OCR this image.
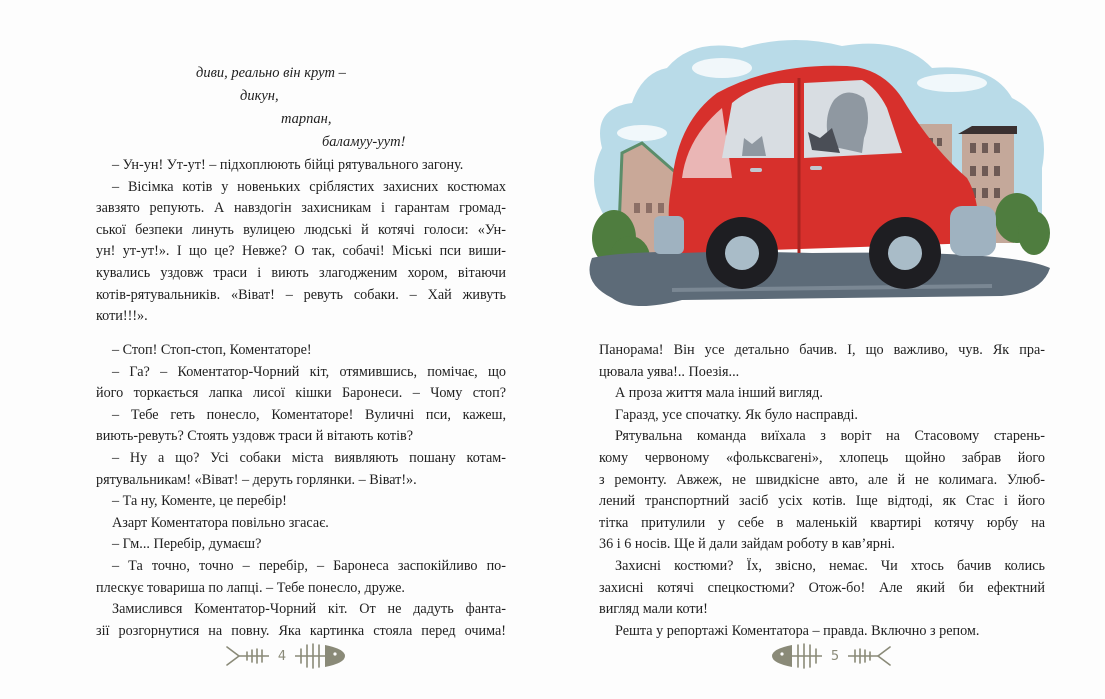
диви, реально він крут –
дикун,
тарпан,
баламуу-уут!
– Ун-ун! Ут-ут! – підхоплюють бійці рятувального загону.
– Вісімка котів у новеньких сріблястих захисних костюмах
завзято репують. А навздогін захисникам і гарантам громад-
ської безпеки линуть вулицею людські й котячі голоси: «Ун-
ун! ут-ут!». І що це? Невже? О так, собачі! Міські пси виши-
кувались уздовж траси і виють злагодженим хором, вітаючи
котів-рятувальників. «Віват! – ревуть собаки. – Хай живуть
коти!!!».
– Стоп! Стоп-стоп, Коментаторе!
– Га? – Коментатор-Чорний кіт, отямившись, помічає, що
його торкається лапка лисої кішки Баронеси. – Чому стоп?
– Тебе геть понесло, Коментаторе! Вуличні пси, кажеш,
виють-ревуть? Стоять уздовж траси й вітають котів?
– Ну а що? Усі собаки міста виявляють пошану котам-
рятувальникам! «Віват! – деруть горлянки. – Віват!».
– Та ну, Коменте, це перебір!
Азарт Коментатора повільно згасає.
– Гм... Перебір, думаєш?
– Та точно, точно – перебір, – Баронеса заспокійливо по-
плескує товариша по лапці. – Тебе понесло, друже.
Замислився Коментатор-Чорний кіт. От не дадуть фанта-
зії розгорнутися на повну. Яка картинка стояла перед очима!
4
Панорама! Він усе детально бачив. І, що важливо, чув. Як пра-
цювала уява!.. Поезія...
А проза життя мала інший вигляд.
Гаразд, усе спочатку. Як було насправді.
Рятувальна команда виїхала з воріт на Стасовому старень-
кому червоному «фольксвагені», хлопець щойно забрав його
з ремонту. Авжеж, не швидкісне авто, але й не колимага. Улюб-
лений транспортний засіб усіх котів. Іще відтоді, як Стас і його
тітка притулили у себе в маленькій квартирі котячу юрбу на
36 і 6 носів. Ще й дали зайдам роботу в кав’ярні.
Захисні костюми? Їх, звісно, немає. Чи хтось бачив колись
захисні котячі спецкостюми? Отож-бо! Але який би ефектний
вигляд мали коти!
Решта у репортажі Коментатора – правда. Включно з репом.
5
